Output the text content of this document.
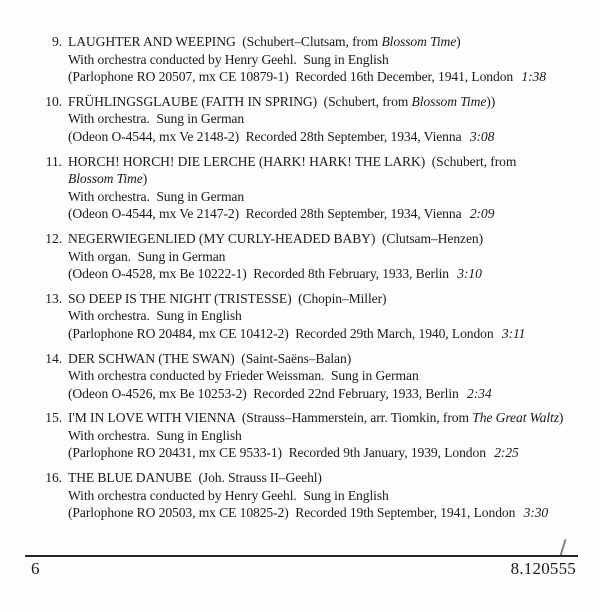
9. LAUGHTER AND WEEPING  (Schubert–Clutsam, from Blossom Time)
With orchestra conducted by Henry Geehl.  Sung in English
(Parlophone RO 20507, mx CE 10879-1)  Recorded 16th December, 1941, London 1:38
10. FRÜHLINGSGLAUBE (FAITH IN SPRING)  (Schubert, from Blossom Time))
With orchestra.  Sung in German
(Odeon O-4544, mx Ve 2148-2)  Recorded 28th September, 1934, Vienna 3:08
11. HORCH! HORCH! DIE LERCHE (HARK! HARK! THE LARK)  (Schubert, from
Blossom Time)
With orchestra.  Sung in German
(Odeon O-4544, mx Ve 2147-2)  Recorded 28th September, 1934, Vienna 2:09
12. NEGERWIEGENLIED (MY CURLY-HEADED BABY)  (Clutsam–Henzen)
With organ.  Sung in German
(Odeon O-4528, mx Be 10222-1)  Recorded 8th February, 1933, Berlin 3:10
13. SO DEEP IS THE NIGHT (TRISTESSE)  (Chopin–Miller)
With orchestra.  Sung in English
(Parlophone RO 20484, mx CE 10412-2)  Recorded 29th March, 1940, London 3:11
14. DER SCHWAN (THE SWAN)  (Saint-Saëns–Balan)
With orchestra conducted by Frieder Weissman.  Sung in German
(Odeon O-4526, mx Be 10253-2)  Recorded 22nd February, 1933, Berlin 2:34
15. I'M IN LOVE WITH VIENNA  (Strauss–Hammerstein, arr. Tiomkin, from The Great Waltz)
With orchestra.  Sung in English
(Parlophone RO 20431, mx CE 9533-1)  Recorded 9th January, 1939, London 2:25
16. THE BLUE DANUBE  (Joh. Strauss II–Geehl)
With orchestra conducted by Henry Geehl.  Sung in English
(Parlophone RO 20503, mx CE 10825-2)  Recorded 19th September, 1941, London 3:30
6	8.120555
